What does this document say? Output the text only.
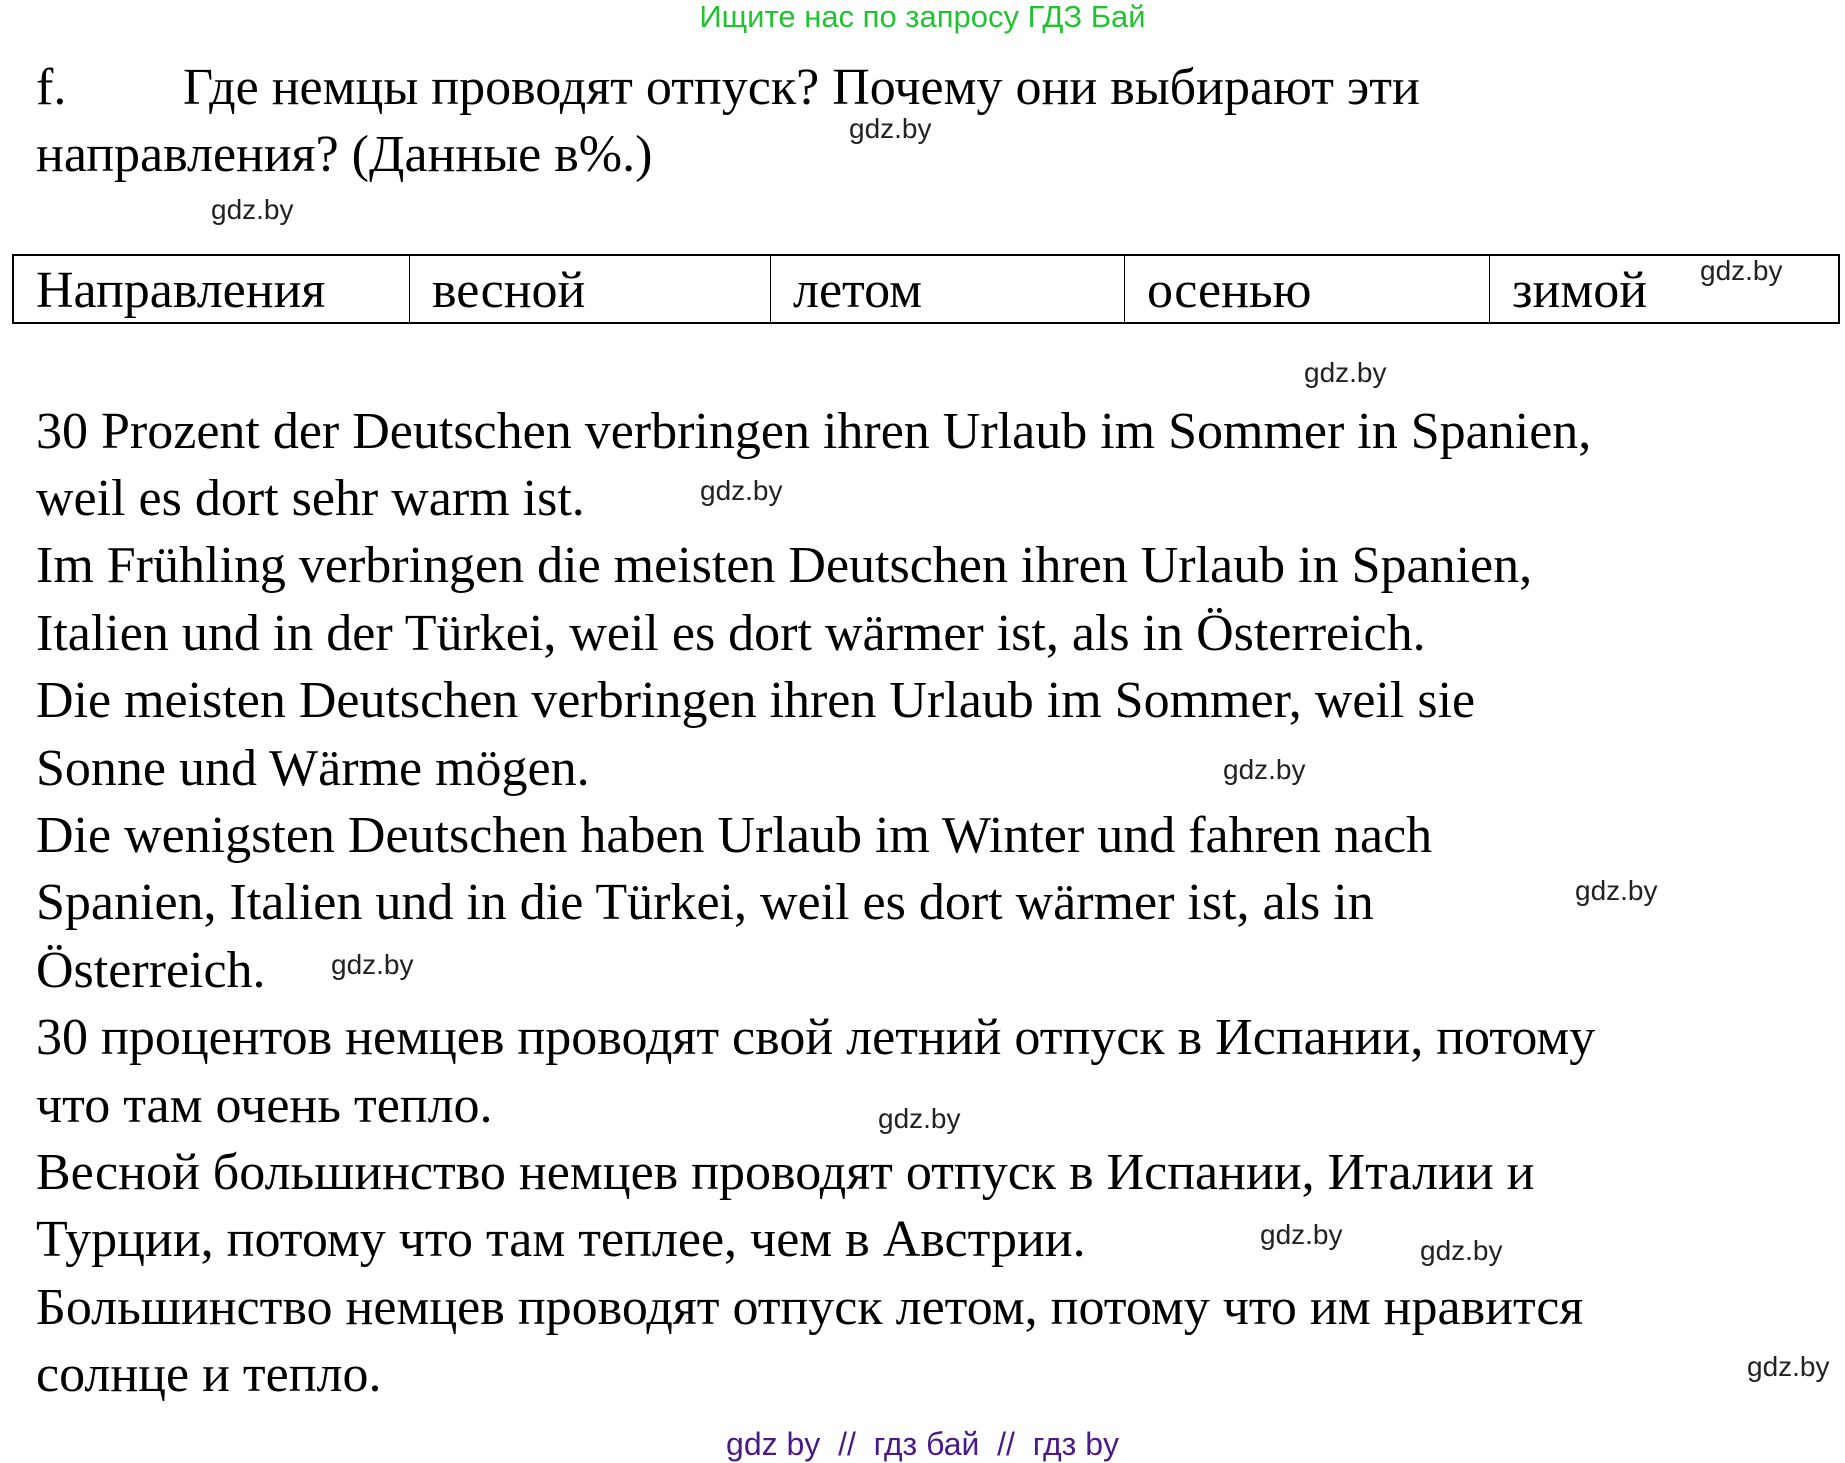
Ищите нас по запросу ГДЗ Бай
f. Где немцы проводят отпуск? Почему они выбирают эти
направления? (Данные в%.)
Направления	весной	летом	осенью	зимой
30 Prozent der Deutschen verbringen ihren Urlaub im Sommer in Spanien,
weil es dort sehr warm ist.
Im Frühling verbringen die meisten Deutschen ihren Urlaub in Spanien,
Italien und in der Türkei, weil es dort wärmer ist, als in Österreich.
Die meisten Deutschen verbringen ihren Urlaub im Sommer, weil sie
Sonne und Wärme mögen.
Die wenigsten Deutschen haben Urlaub im Winter und fahren nach
Spanien, Italien und in die Türkei, weil es dort wärmer ist, als in
Österreich.
30 процентов немцев проводят свой летний отпуск в Испании, потому
что там очень тепло.
Весной большинство немцев проводят отпуск в Испании, Италии и
Турции, потому что там теплее, чем в Австрии.
Большинство немцев проводят отпуск летом, потому что им нравится
солнце и тепло.
gdz.by
gdz.by
gdz.by
gdz.by
gdz.by
gdz.by
gdz.by
gdz.by
gdz.by
gdz.by
gdz.by
gdz.by
gdz by  //  гдз бай  //  гдз by
